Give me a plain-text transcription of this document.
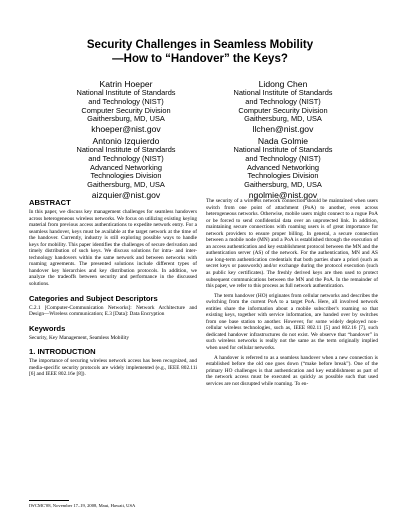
Security Challenges in Seamless Mobility
—How to “Handover” the Keys?
Katrin Hoeper
National Institute of Standards
and Technology (NIST)
Computer Security Division
Gaithersburg, MD, USA
khoeper@nist.gov
Lidong Chen
National Institute of Standards
and Technology (NIST)
Computer Security Division
Gaithersburg, MD, USA
llchen@nist.gov
Antonio Izquierdo
National Institute of Standards
and Technology (NIST)
Advanced Networking
Technologies Division
Gaithersburg, MD, USA
aizquier@nist.gov
Nada Golmie
National Institute of Standards
and Technology (NIST)
Advanced Networking
Technologies Division
Gaithersburg, MD, USA
ngolmie@nist.gov
ABSTRACT

In this paper, we discuss key management challenges for seamless handovers across heterogeneous wireless networks. We focus on utilizing existing keying material from previous access authentications to expedite network entry. For a seamless handover, keys must be available at the target network at the time of the handover. Currently, industry is still exploring possible ways to handle keys for mobility. This paper identifies the challenges of secure derivation and timely distribution of such keys. We discuss solutions for intra- and inter-technology handovers within the same network and between networks with roaming agreements. The presented solutions include different types of handover key hierarchies and key distribution protocols. In addition, we analyze the tradeoffs between security and performance in the discussed solutions.

Categories and Subject Descriptors

C.2.1 [Computer-Communication Networks]: Network Architecture and Design—Wireless communication; E.3 [Data]: Data Encryption

Keywords

Security, Key Management, Seamless Mobility

1. INTRODUCTION

The importance of securing wireless network access has been recognized, and media-specific security protocols are widely implemented (e.g., IEEE 802.11i [6] and IEEE 802.16e [8]).

IWCMC'08, November 17–19, 2008, Maui, Hawaii, USA

The security of a wireless network connection should be maintained when users switch from one point of attachment (PoA) to another, even across heterogeneous networks. Otherwise, mobile users might connect to a rogue PoA or be forced to send confidential data over an unprotected link. In addition, maintaining secure connections with roaming users is of great importance for network providers to ensure proper billing. In general, a secure connection between a mobile node (MN) and a PoA is established through the execution of an access authentication and key establishment protocol between the MN and the authentication server (AS) of the network. For the authentication, MN and AS use long-term authentication credentials that both parties share a priori (such as secret keys or passwords) and/or exchange during the protocol execution (such as public key certificates). The freshly derived keys are then used to protect subsequent communications between the MN and the PoA. In the remainder of this paper, we refer to this process as full network authentication.

The term handover (HO) originates from cellular networks and describes the switching from the current PoA to a target PoA. Here, all involved network entities share the information about a mobile subscriber's roaming so that existing keys, together with service information, are handed over by switches from one base station to another. However, for some widely deployed non-cellular wireless technologies, such as, IEEE 802.11 [5] and 802.16 [7], such dedicated handover infrastructures do not exist. We observe that “handover” in such wireless networks is really not the same as the term originally implied when used for cellular networks.

A handover is referred to as a seamless handover when a new connection is established before the old one goes down (“make before break”). One of the primary HO challenges is that authentication and key establishment as part of the network access must be executed as quickly as possible such that used services are not disrupted while roaming. To en-
